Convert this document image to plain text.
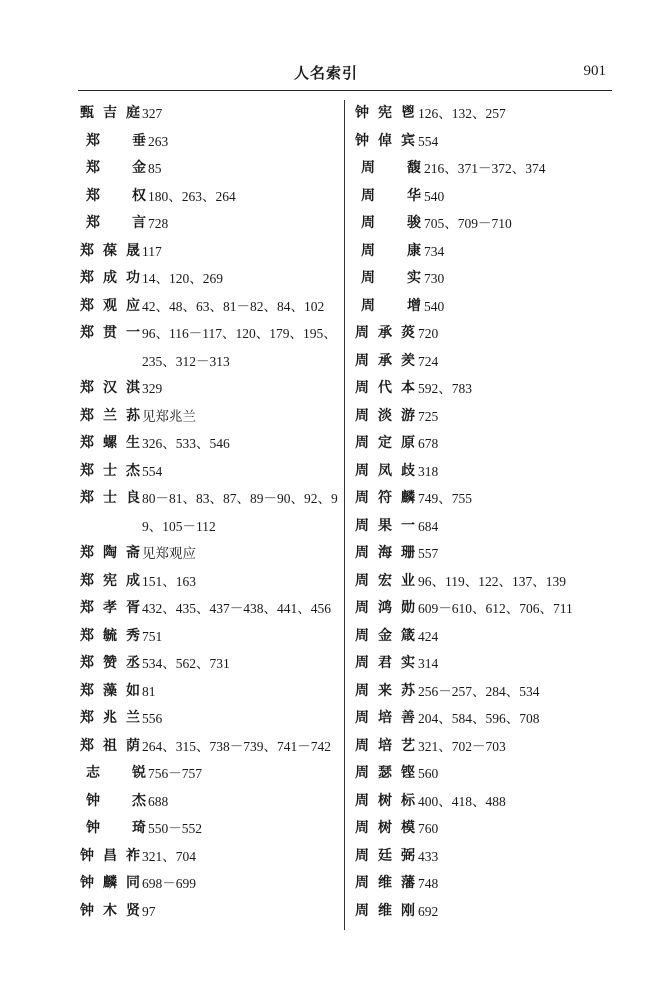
人名索引	901
甄吉庭 327
郑垂 263
郑金 85
郑权 180、263、264
郑言 728
郑葆晟 117
郑成功 14、120、269
郑观应 42、48、63、81－82、84、102
郑贯一 96、116－117、120、179、195、235、312－313
郑汉淇 329
郑兰荪 见郑兆兰
郑螺生 326、533、546
郑士杰 554
郑士良 80－81、83、87、89－90、92、99、105－112
郑陶斋 见郑观应
郑宪成 151、163
郑孝胥 432、435、437－438、441、456
郑毓秀 751
郑赞丞 534、562、731
郑藻如 81
郑兆兰 556
郑祖荫 264、315、738－739、741－742
志锐 756－757
钟杰 688
钟琦 550－552
钟昌祚 321、704
钟麟同 698－699
钟木贤 97
钟宪鬯 126、132、257
钟倬宾 554
周馥 216、371－372、374
周华 540
周骏 705、709－710
周康 734
周实 730
周增 540
周承菼 720
周承羑 724
周代本 592、783
周淡游 725
周定原 678
周凤歧 318
周符麟 749、755
周果一 684
周海珊 557
周宏业 96、119、122、137、139
周鸿勋 609－610、612、706、711
周金箴 424
周君实 314
周来苏 256－257、284、534
周培善 204、584、596、708
周培艺 321、702－703
周瑟铿 560
周树标 400、418、488
周树模 760
周廷弼 433
周维藩 748
周维刚 692
